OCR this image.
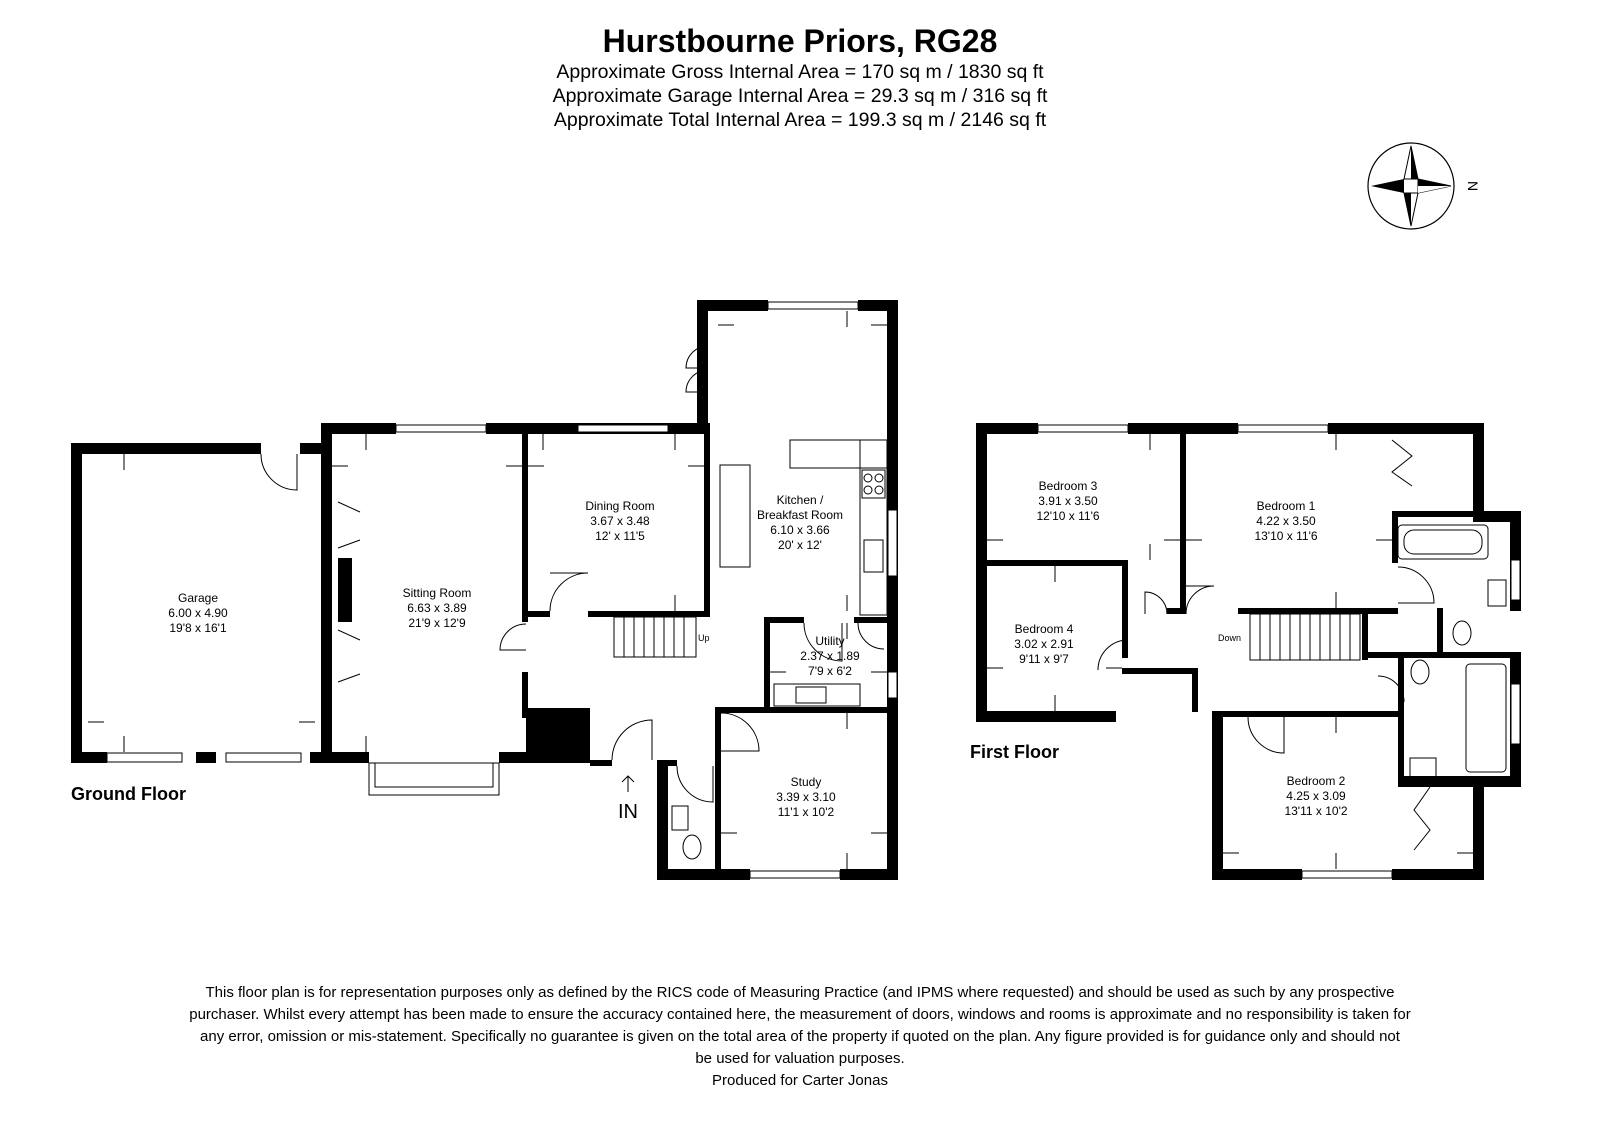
Hurstbourne Priors, RG28
Approximate Gross Internal Area = 170 sq m / 1830 sq ft
Approximate Garage Internal Area = 29.3 sq m / 316 sq ft
Approximate Total Internal Area = 199.3 sq m / 2146 sq ft
N
Up
IN
Ground Floor
Garage
6.00 x 4.90
19'8 x 16'1
Sitting Room
6.63 x 3.89
21'9 x 12'9
Dining Room
3.67 x 3.48
12' x 11'5
Kitchen /
Breakfast Room
6.10 x 3.66
20' x 12'
Utility
2.37 x 1.89
7'9 x 6'2
Study
3.39 x 3.10
11'1 x 10'2
Down
First Floor
Bedroom 3
3.91 x 3.50
12'10 x 11'6
Bedroom 1
4.22 x 3.50
13'10 x 11'6
Bedroom 4
3.02 x 2.91
9'11 x 9'7
Bedroom 2
4.25 x 3.09
13'11 x 10'2

This floor plan is for representation purposes only as defined by the RICS code of Measuring Practice (and IPMS where requested) and should be used as such by any prospective

purchaser. Whilst every attempt has been made to ensure the accuracy contained here, the measurement of doors, windows and rooms is approximate and no responsibility is taken for

any error, omission or mis-statement. Specifically no guarantee is given on the total area of the property if quoted on the plan. Any figure provided is for guidance only and should not

be used for valuation purposes.

Produced for Carter Jonas
